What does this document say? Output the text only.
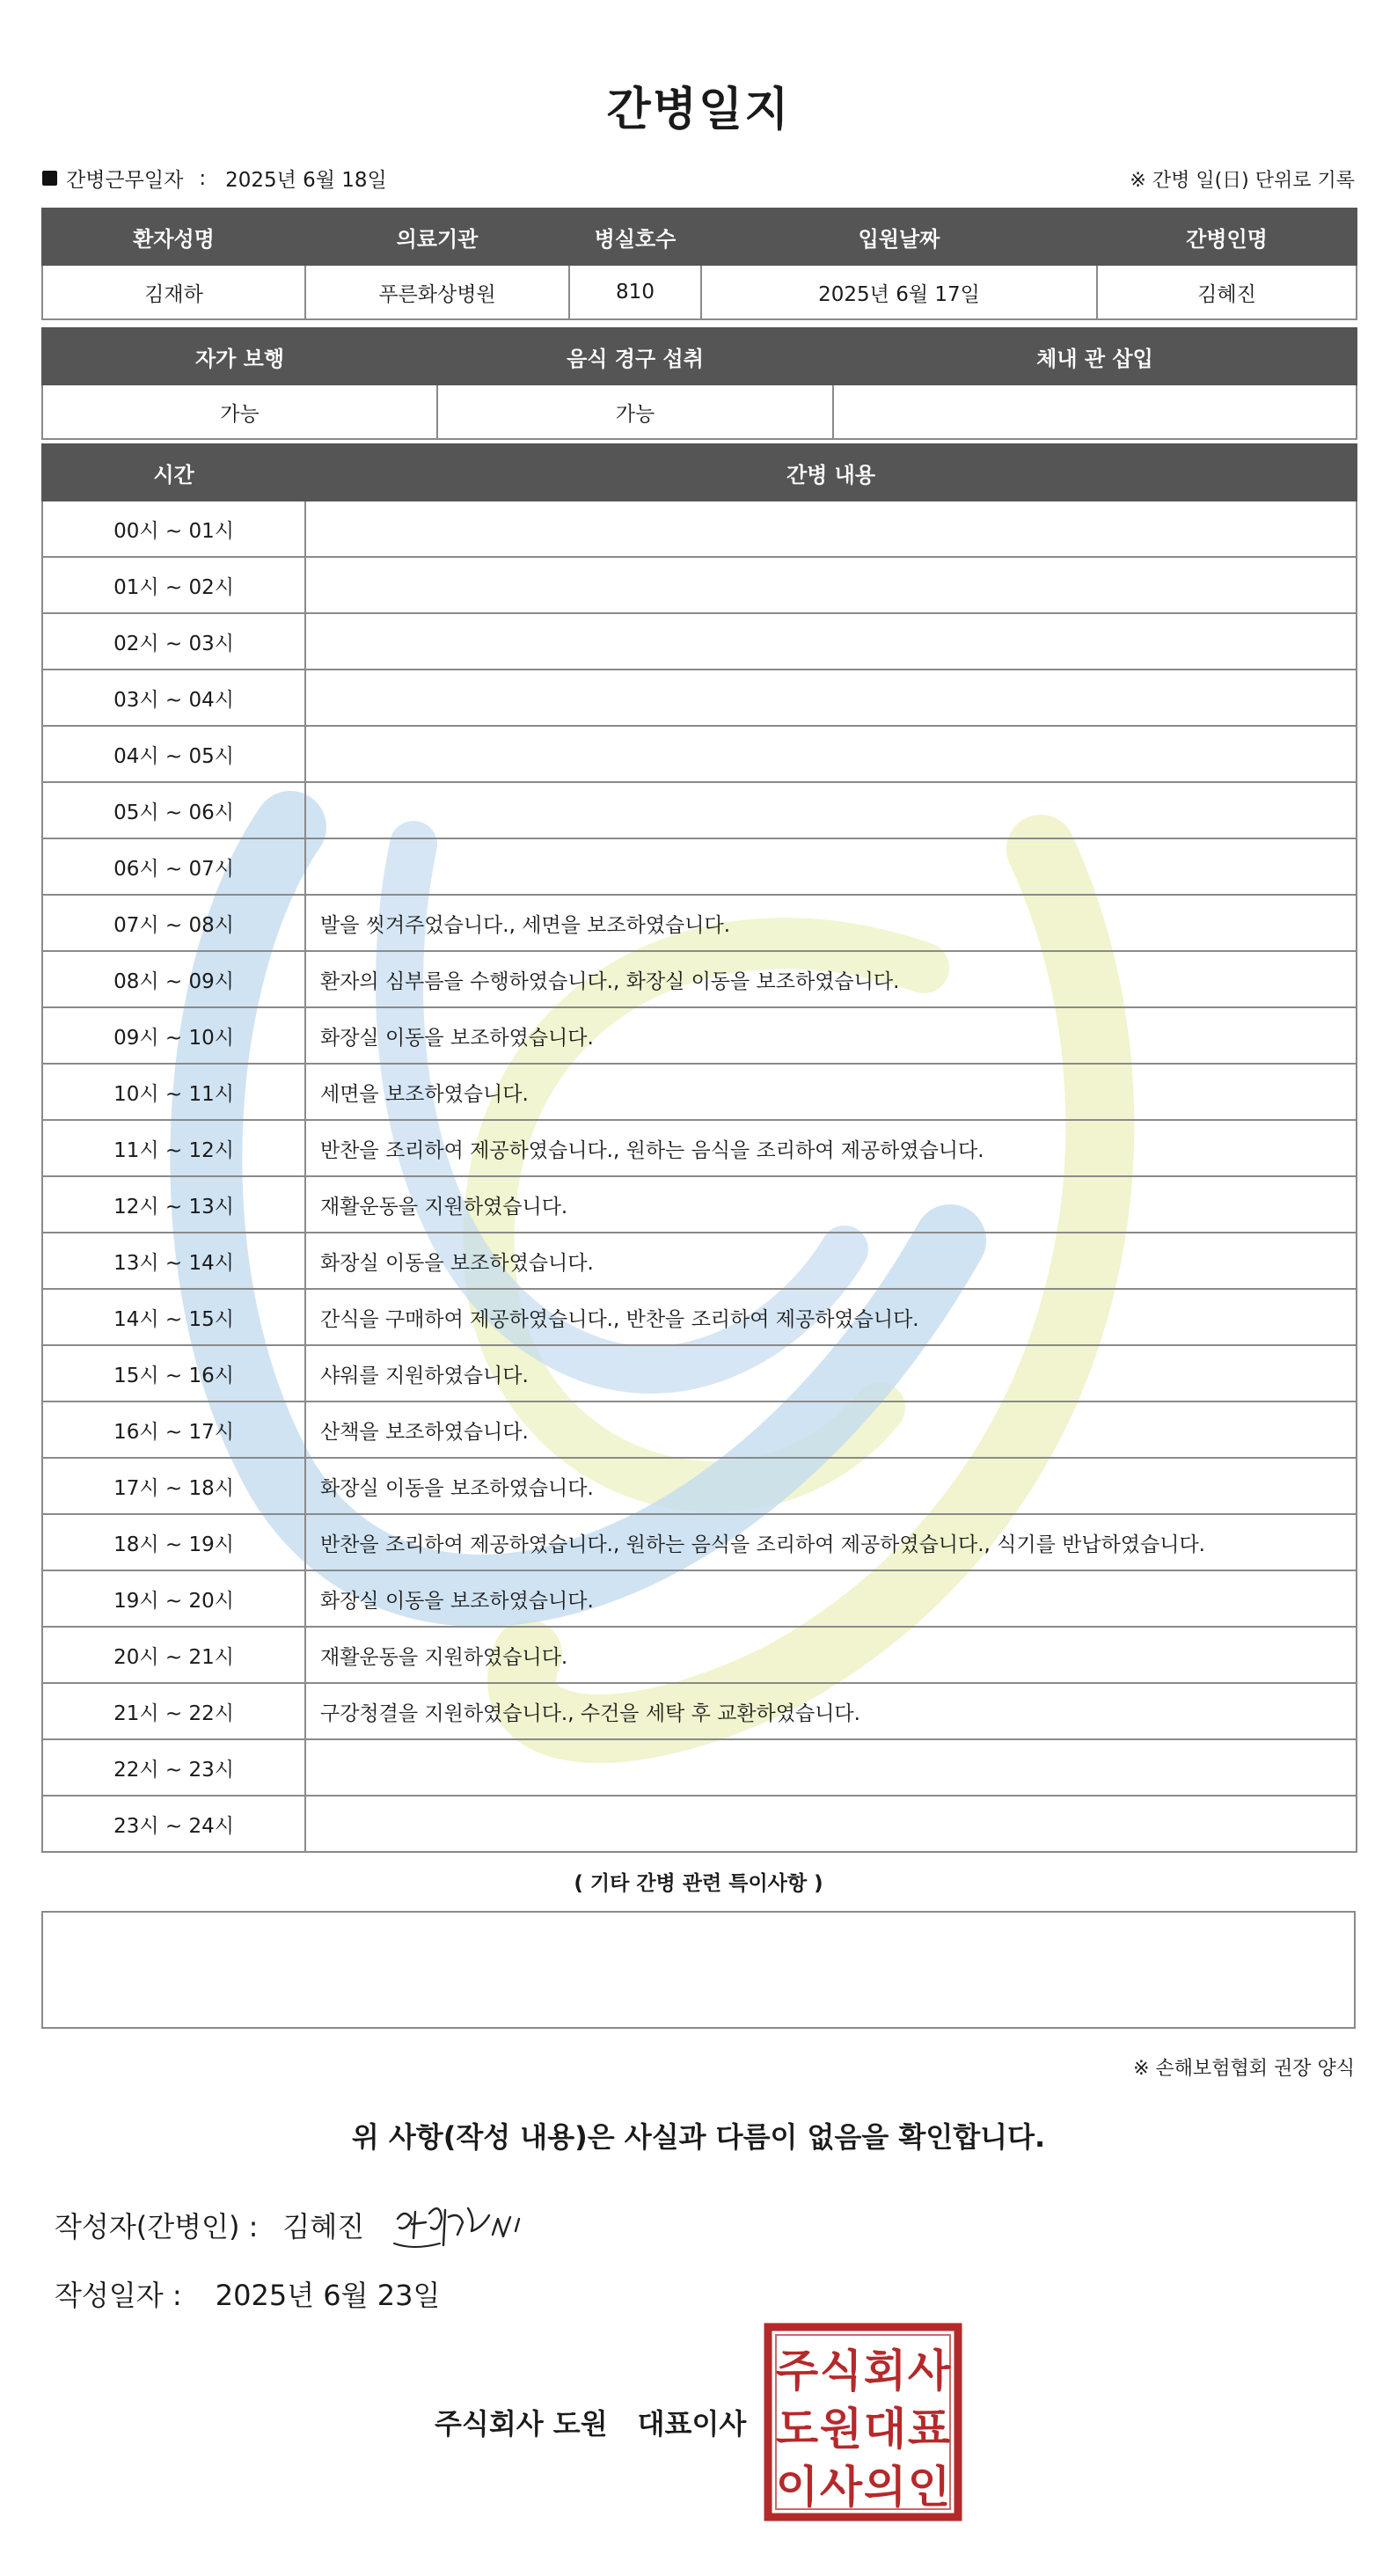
간병일지
간병근무일자 : 2025년 6월 18일	※ 간병 일(日) 단위로 기록
환자성명	의료기관	병실호수	입원날짜	간병인명
김재하	푸른화상병원	810	2025년 6월 17일	김혜진
자가 보행	음식 경구 섭취	체내 관 삽입
가능	가능	
시간	간병 내용
00시 ~ 01시	
01시 ~ 02시	
02시 ~ 03시	
03시 ~ 04시	
04시 ~ 05시	
05시 ~ 06시	
06시 ~ 07시	
07시 ~ 08시	발을 씻겨주었습니다., 세면을 보조하였습니다.
08시 ~ 09시	환자의 심부름을 수행하였습니다., 화장실 이동을 보조하였습니다.
09시 ~ 10시	화장실 이동을 보조하였습니다.
10시 ~ 11시	세면을 보조하였습니다.
11시 ~ 12시	반찬을 조리하여 제공하였습니다., 원하는 음식을 조리하여 제공하였습니다.
12시 ~ 13시	재활운동을 지원하였습니다.
13시 ~ 14시	화장실 이동을 보조하였습니다.
14시 ~ 15시	간식을 구매하여 제공하였습니다., 반찬을 조리하여 제공하였습니다.
15시 ~ 16시	샤워를 지원하였습니다.
16시 ~ 17시	산책을 보조하였습니다.
17시 ~ 18시	화장실 이동을 보조하였습니다.
18시 ~ 19시	반찬을 조리하여 제공하였습니다., 원하는 음식을 조리하여 제공하였습니다., 식기를 반납하였습니다.
19시 ~ 20시	화장실 이동을 보조하였습니다.
20시 ~ 21시	재활운동을 지원하였습니다.
21시 ~ 22시	구강청결을 지원하였습니다., 수건을 세탁 후 교환하였습니다.
22시 ~ 23시	
23시 ~ 24시	
( 기타 간병 관련 특이사항 )
※ 손해보험협회 권장 양식
위 사항(작성 내용)은 사실과 다름이 없음을 확인합니다.
작성자(간병인) : 김혜진
작성일자 : 2025년 6월 23일
주식회사 도원 대표이사
주 식 회 사
도 원 대 표
이 사 의 인
